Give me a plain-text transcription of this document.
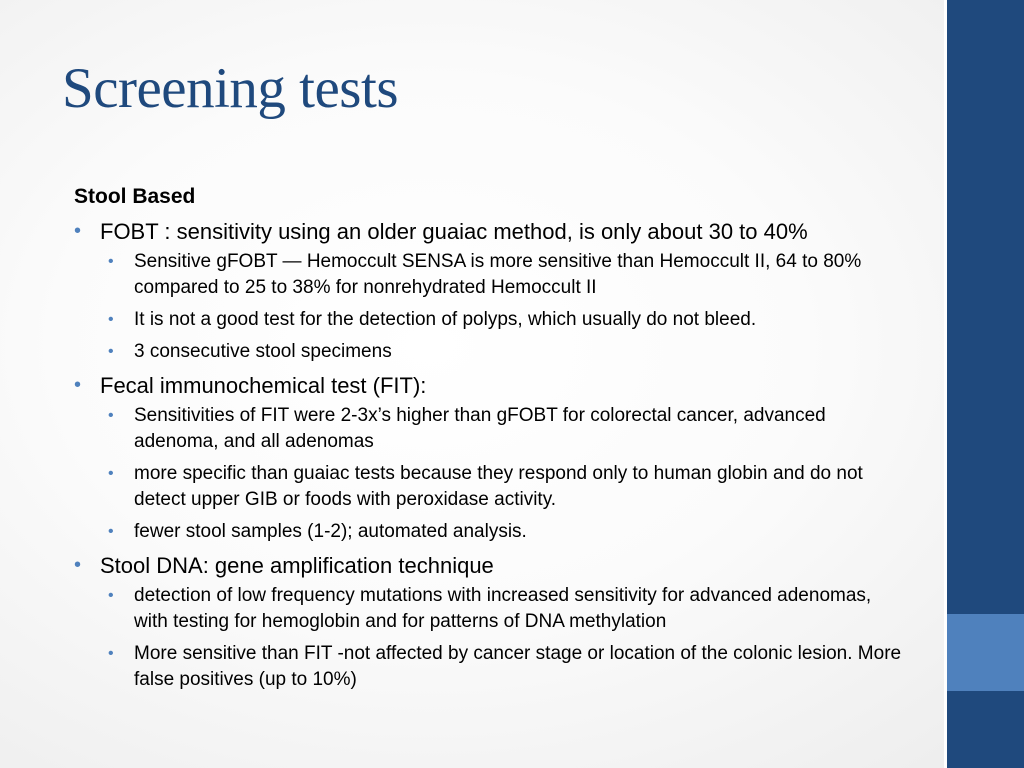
Screening tests
Stool Based
• FOBT : sensitivity using an older guaiac method, is only about 30 to 40%
• Sensitive gFOBT — Hemoccult SENSA is more sensitive than Hemoccult II, 64 to 80% compared to 25 to 38% for nonrehydrated Hemoccult II
• It is not a good test for the detection of polyps, which usually do not bleed.
• 3 consecutive stool specimens
• Fecal immunochemical test (FIT):
• Sensitivities of FIT were 2-3x’s higher than gFOBT for colorectal cancer, advanced adenoma, and all adenomas
• more specific than guaiac tests because they respond only to human globin and do not detect upper GIB or foods with peroxidase activity.
• fewer stool samples (1-2); automated analysis.
• Stool DNA: gene amplification technique
• detection of low frequency mutations with increased sensitivity for advanced adenomas, with testing for hemoglobin and for patterns of DNA methylation
• More sensitive than FIT -not affected by cancer stage or location of the colonic lesion. More false positives (up to 10%)
